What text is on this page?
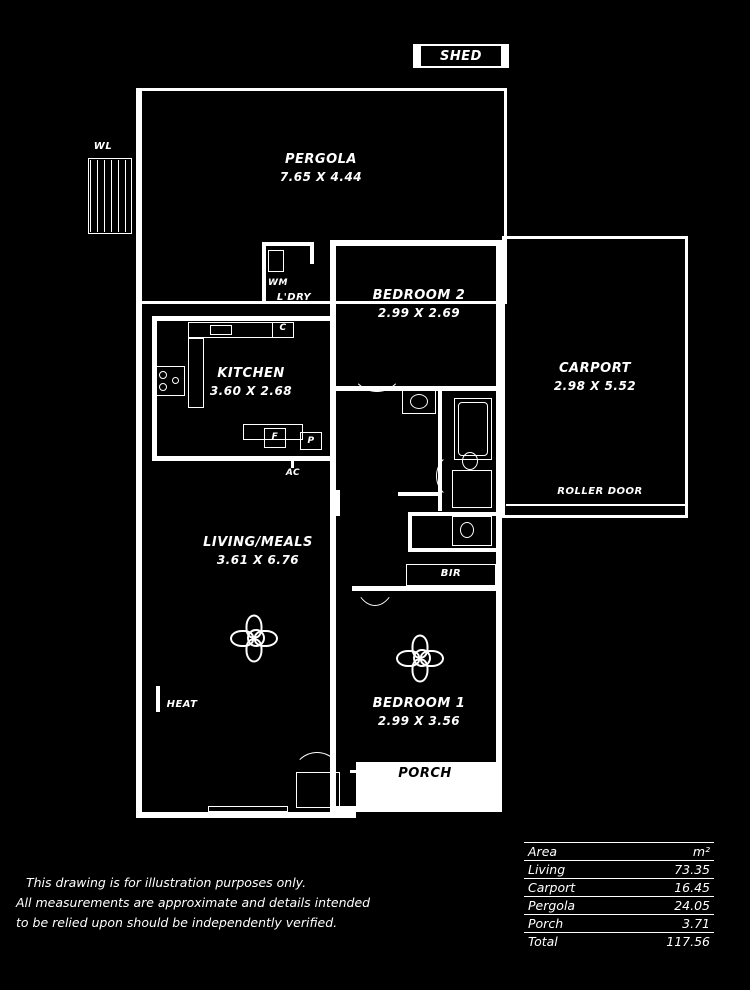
SHED
WL
PERGOLA
7.65 X 4.44
CARPORT
2.98 X 5.52
ROLLER DOOR
WM
L'DRY
KITCHEN
3.60 X 2.68
F	P
C
AC
LIVING/MEALS
3.61 X 6.76
HEAT
BEDROOM 2
2.99 X 2.69
BIR
BEDROOM 1
2.99 X 3.56
PORCH
This drawing is for illustration purposes only.
All measurements are approximate and details intended
to be relied upon should be independently verified.
Area	m²
Living	73.35
Carport	16.45
Pergola	24.05
Porch	3.71
Total	117.56
